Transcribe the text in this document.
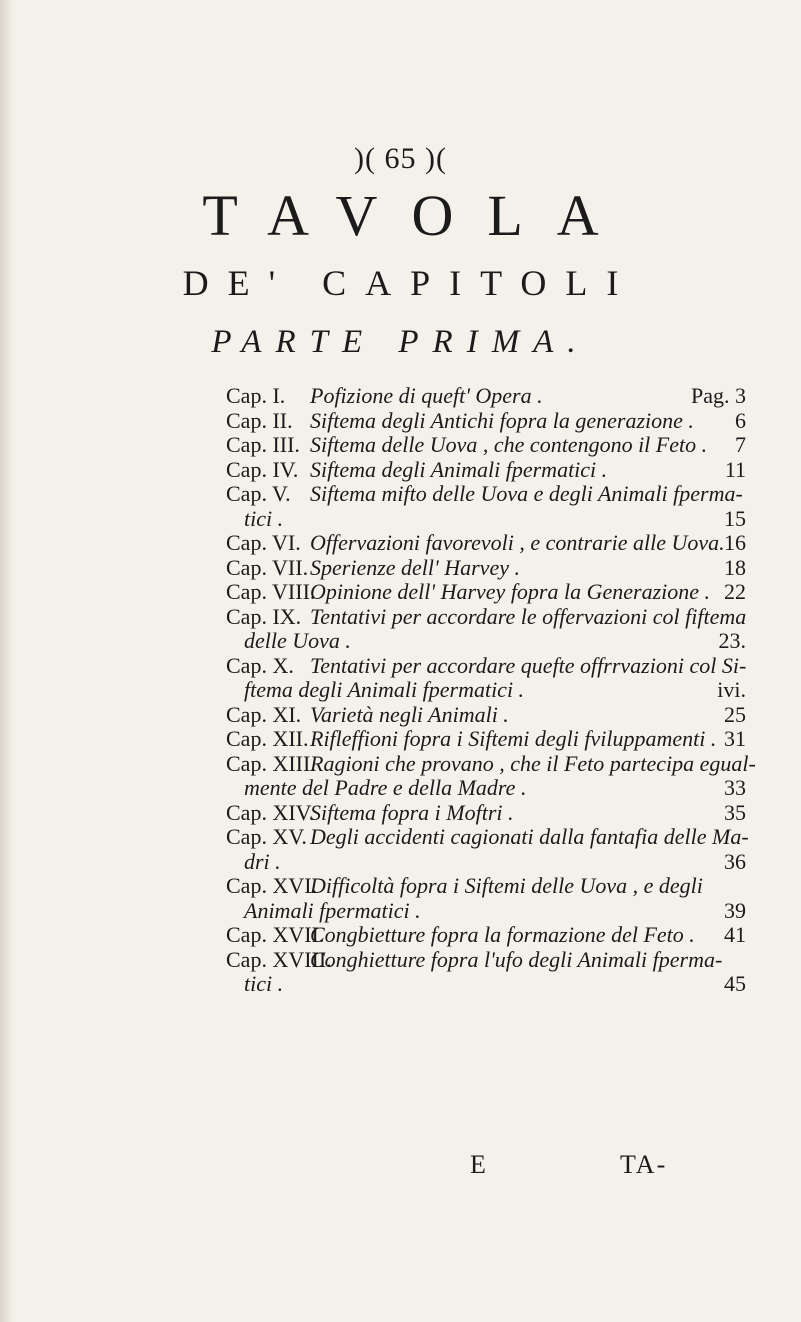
)( 65 )(
TAVOLA
DE' CAPITOLI
PARTE PRIMA.
Cap. I. Pofizione di queft' Opera .	Pag. 3
Cap. II. Siftema degli Antichi fopra la generazione . 6
Cap. III. Siftema delle Uova , che contengono il Feto . 7
Cap. IV. Siftema degli Animali fpermatici .	11
Cap. V. Siftema mifto delle Uova e degli Animali fperma-
tici .	15
Cap. VI. Offervazioni favorevoli , e contrarie alle Uova. 16
Cap. VII. Sperienze dell' Harvey .	18
Cap. VIII.
Opinione dell' Harvey fopra la Generazione . 22
Cap. IX. Tentativi per accordare le offervazioni col fiftema
delle Uova .	23.
Cap. X. Tentativi per accordare quefte offrrvazioni col Si-
ftema degli Animali fpermatici .	ivi.
Cap. XI. Varietà negli Animali .	25
Cap. XII. Rifleffioni fopra i Siftemi degli fviluppamenti . 31
Cap. XIII.
Ragioni che provano , che il Feto partecipa egual-
mente del Padre e della Madre .	33
Cap. XIV.
Siftema fopra i Moftri .	35
Cap. XV. Degli accidenti cagionati dalla fantafia delle Ma-
dri .	36
Cap. XVI.
Difficoltà fopra i Siftemi delle Uova , e degli
Animali fpermatici .	39
Cap. XVII.
Congbietture fopra la formazione del Feto . 41
Cap. XVIII.
Conghietture fopra l'ufo degli Animali fperma-
tici .	45
E	TA-
